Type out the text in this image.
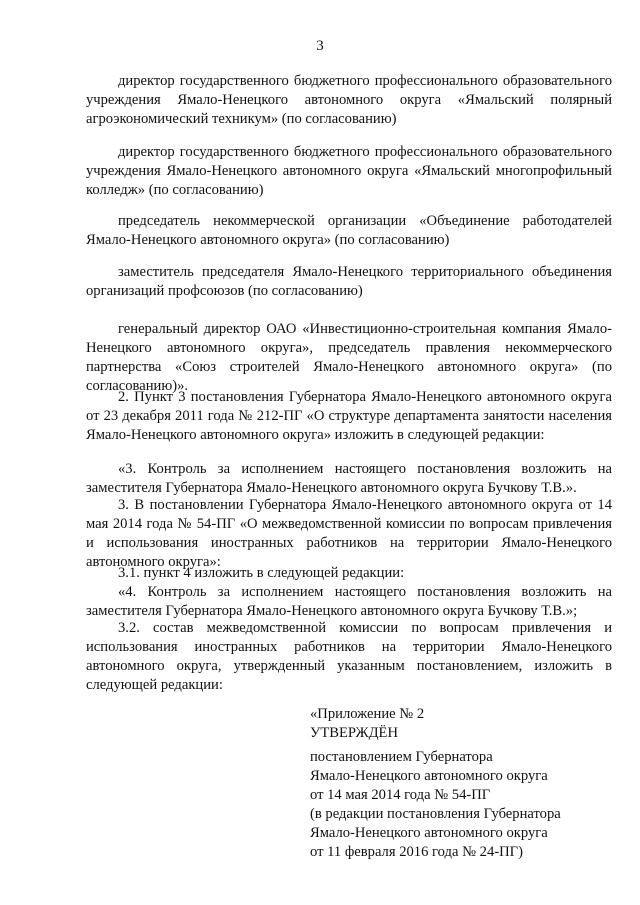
3

директор государственного бюджетного профессионального образовательного учреждения Ямало-Ненецкого автономного округа «Ямальский полярный агроэкономический техникум» (по согласованию)

директор государственного бюджетного профессионального образовательного учреждения Ямало-Ненецкого автономного округа «Ямальский многопрофильный колледж» (по согласованию)

председатель некоммерческой организации «Объединение работодателей Ямало-Ненецкого автономного округа» (по согласованию)

заместитель председателя Ямало-Ненецкого территориального объединения организаций профсоюзов (по согласованию)

генеральный директор ОАО «Инвестиционно-строительная компания Ямало-Ненецкого автономного округа», председатель правления некоммерческого партнерства «Союз строителей Ямало-Ненецкого автономного округа» (по согласованию)».

2. Пункт 3 постановления Губернатора Ямало-Ненецкого автономного округа от 23 декабря 2011 года № 212-ПГ «О структуре департамента занятости населения Ямало-Ненецкого автономного округа» изложить в следующей редакции:

«3. Контроль за исполнением настоящего постановления возложить на заместителя Губернатора Ямало-Ненецкого автономного округа Бучкову Т.В.».

3. В постановлении Губернатора Ямало-Ненецкого автономного округа от 14 мая 2014 года № 54-ПГ «О межведомственной комиссии по вопросам привлечения и использования иностранных работников на территории Ямало-Ненецкого автономного округа»:

3.1. пункт 4 изложить в следующей редакции:

«4. Контроль за исполнением настоящего постановления возложить на заместителя Губернатора Ямало-Ненецкого автономного округа Бучкову Т.В.»;

3.2. состав межведомственной комиссии по вопросам привлечения и использования иностранных работников на территории Ямало-Ненецкого автономного округа, утвержденный указанным постановлением, изложить в следующей редакции:

«Приложение № 2
УТВЕРЖДЁН
постановлением Губернатора
Ямало-Ненецкого автономного округа
от 14 мая 2014 года № 54-ПГ
(в редакции постановления Губернатора
Ямало-Ненецкого автономного округа
от 11 февраля 2016 года № 24-ПГ)
